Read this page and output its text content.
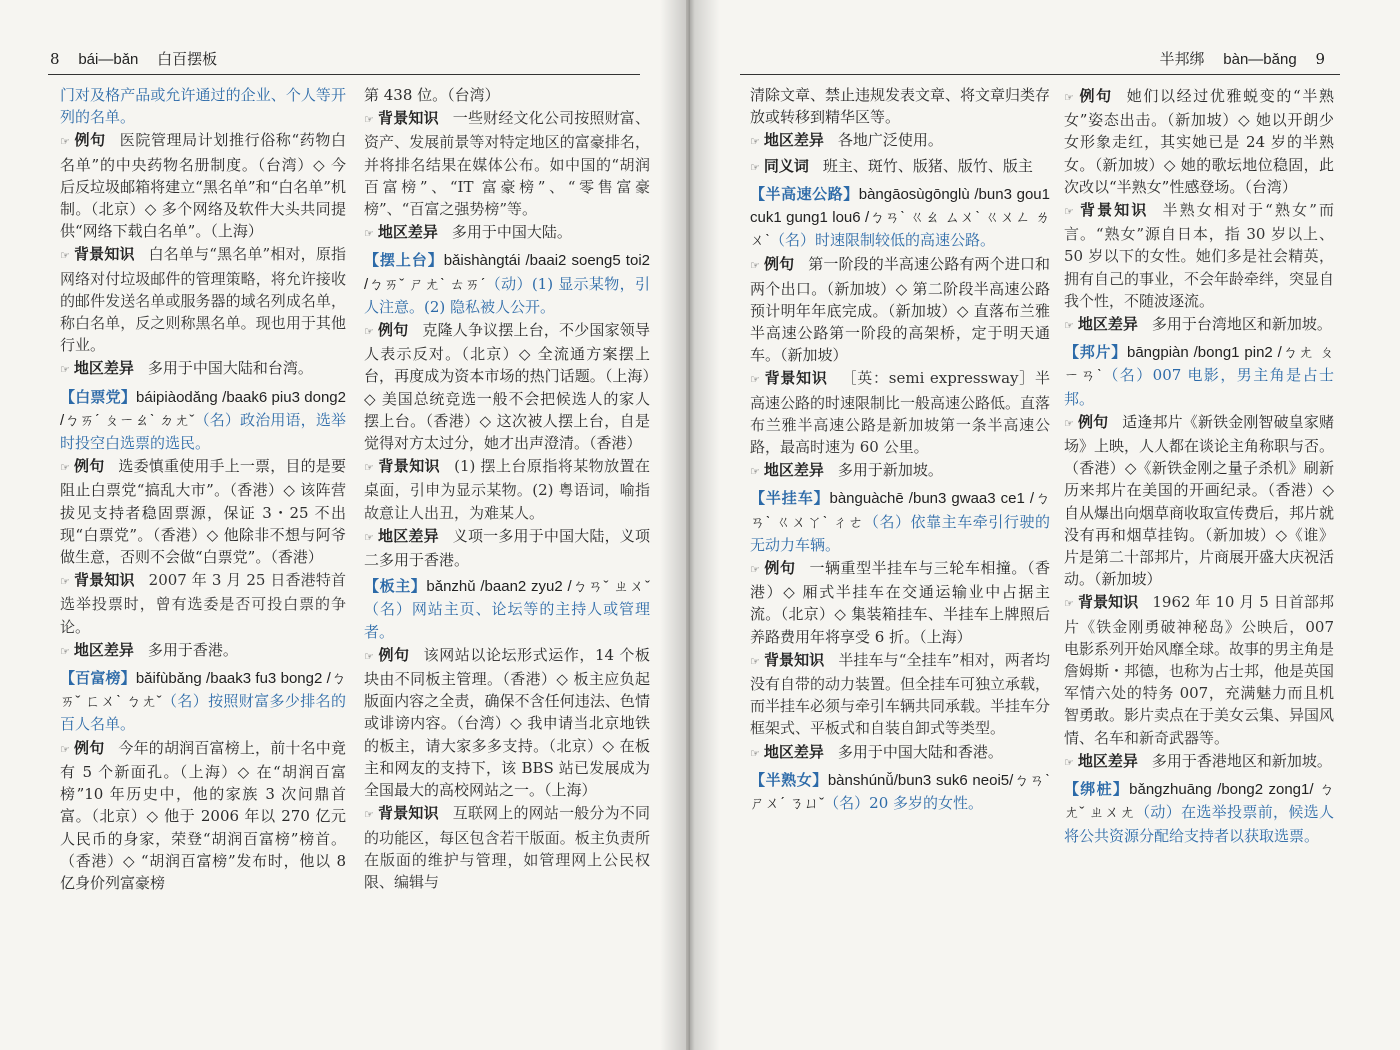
8 bái—bǎn 白百摆板

门对及格产品或允许通过的企业、个人等开列的名单。

☞ 例句 医院管理局计划推行俗称“药物白名单”的中央药物名册制度。（台湾）◇ 今后反垃圾邮箱将建立“黑名单”和“白名单”机制。（北京）◇ 多个网络及软件大头共同提供“网络下载白名单”。（上海）

☞ 背景知识 白名单与“黑名单”相对，原指网络对付垃圾邮件的管理策略，将允许接收的邮件发送名单或服务器的域名列成名单，称白名单，反之则称黑名单。现也用于其他行业。

☞ 地区差异 多用于中国大陆和台湾。

【白票党】báipiàodǎng /baak6 piu3 dong2 /ㄅㄞˊ ㄆㄧㄠˋ ㄉㄤˇ（名）政治用语，选举时投空白选票的选民。

☞ 例句 选委慎重使用手上一票，目的是要阻止白票党“搞乱大市”。（香港）◇ 该阵营拔见支持者稳固票源，保证 3・25 不出现“白票党”。（香港）◇ 他除非不想与阿爷做生意，否则不会做“白票党”。（香港）

☞ 背景知识 2007 年 3 月 25 日香港特首选举投票时，曾有选委是否可投白票的争论。

☞ 地区差异 多用于香港。

【百富榜】bǎifùbǎng /baak3 fu3 bong2 /ㄅㄞˇ ㄈㄨˋ ㄅㄤˇ（名）按照财富多少排名的百人名单。

☞ 例句 今年的胡润百富榜上，前十名中竟有 5 个新面孔。（上海）◇ 在“胡润百富榜”10 年历史中，他的家族 3 次问鼎首富。（北京）◇ 他于 2006 年以 270 亿元人民币的身家，荣登“胡润百富榜”榜首。（香港）◇ “胡润百富榜”发布时，他以 8 亿身价列富豪榜

第 438 位。（台湾）

☞ 背景知识 一些财经文化公司按照财富、资产、发展前景等对特定地区的富豪排名，并将排名结果在媒体公布。如中国的“胡润百富榜”、“IT 富豪榜”、“零售富豪榜”、“百富之强势榜”等。

☞ 地区差异 多用于中国大陆。

【摆上台】bǎishàngtái /baai2 soeng5 toi2 /ㄅㄞˇ ㄕㄤˋ ㄊㄞˊ（动）(1) 显示某物，引人注意。(2) 隐私被人公开。

☞ 例句 克隆人争议摆上台，不少国家领导人表示反对。（北京）◇ 全流通方案摆上台，再度成为资本市场的热门话题。（上海）◇ 美国总统竞选一般不会把候选人的家人摆上台。（香港）◇ 这次被人摆上台，自是觉得对方太过分，她才出声澄清。（香港）

☞ 背景知识 (1) 摆上台原指将某物放置在桌面，引申为显示某物。(2) 粤语词，喻指故意让人出丑，为难某人。

☞ 地区差异 义项一多用于中国大陆，义项二多用于香港。

【板主】bǎnzhǔ /baan2 zyu2 /ㄅㄢˇ ㄓㄨˇ（名）网站主页、论坛等的主持人或管理者。

☞ 例句 该网站以论坛形式运作，14 个板块由不同板主管理。（香港）◇ 板主应负起版面内容之全责，确保不含任何违法、色情或诽谤内容。（台湾）◇ 我申请当北京地铁的板主，请大家多多支持。（北京）◇ 在板主和网友的支持下，该 BBS 站已发展成为全国最大的高校网站之一。（上海）

☞ 背景知识 互联网上的网站一般分为不同的功能区，每区包含若干版面。板主负责所在版面的维护与管理，如管理网上公民权限、编辑与

半邦绑 bàn—bǎng 9

清除文章、禁止违规发表文章、将文章归类存放或转移到精华区等。

☞ 地区差异 各地广泛使用。

☞ 同义词 班主、斑竹、版猪、版竹、版主

【半高速公路】bàngāosùgōnglù /bun3 gou1 cuk1 gung1 lou6 /ㄅㄢˋ ㄍㄠ ㄙㄨˋ ㄍㄨㄥ ㄌㄨˋ（名）时速限制较低的高速公路。

☞ 例句 第一阶段的半高速公路有两个进口和两个出口。（新加坡）◇ 第二阶段半高速公路预计明年年底完成。（新加坡）◇ 直落布兰雅半高速公路第一阶段的高架桥，定于明天通车。（新加坡）

☞ 背景知识 ［英：semi expressway］半高速公路的时速限制比一般高速公路低。直落布兰雅半高速公路是新加坡第一条半高速公路，最高时速为 60 公里。

☞ 地区差异 多用于新加坡。

【半挂车】bànguàchē /bun3 gwaa3 ce1 /ㄅㄢˋ ㄍㄨㄚˋ ㄔㄜ（名）依靠主车牵引行驶的无动力车辆。

☞ 例句 一辆重型半挂车与三轮车相撞。（香港）◇ 厢式半挂车在交通运输业中占据主流。（北京）◇ 集装箱挂车、半挂车上牌照后养路费用年将享受 6 折。（上海）

☞ 背景知识 半挂车与“全挂车”相对，两者均没有自带的动力装置。但全挂车可独立承载，而半挂车必须与牵引车辆共同承载。半挂车分框架式、平板式和自装自卸式等类型。

☞ 地区差异 多用于中国大陆和香港。

【半熟女】bànshúnǚ/bun3 suk6 neoi5/ㄅㄢˋ ㄕㄨˊ ㄋㄩˇ（名）20 多岁的女性。

☞ 例句 她们以经过优雅蜕变的“半熟女”姿态出击。（新加坡）◇ 她以开朗少女形象走红，其实她已是 24 岁的半熟女。（新加坡）◇ 她的歌坛地位稳固，此次改以“半熟女”性感登场。（台湾）

☞ 背景知识 半熟女相对于“熟女”而言。“熟女”源自日本，指 30 岁以上、50 岁以下的女性。她们多是社会精英，拥有自己的事业，不会年龄牵绊，突显自我个性，不随波逐流。

☞ 地区差异 多用于台湾地区和新加坡。

【邦片】bāngpiàn /bong1 pin2 /ㄅㄤ ㄆㄧㄢˋ（名）007 电影，男主角是占士邦。

☞ 例句 适逢邦片《新铁金刚智破皇家赌场》上映，人人都在谈论主角称职与否。（香港）◇《新铁金刚之量子杀机》刷新历来邦片在美国的开画纪录。（香港）◇ 自从爆出向烟草商收取宣传费后，邦片就没有再和烟草挂钩。（新加坡）◇《谁》片是第二十部邦片，片商展开盛大庆祝活动。（新加坡）

☞ 背景知识 1962 年 10 月 5 日首部邦片《铁金刚勇破神秘岛》公映后，007 电影系列开始风靡全球。故事的男主角是詹姆斯・邦德，也称为占士邦，他是英国军情六处的特务 007，充满魅力而且机智勇敢。影片卖点在于美女云集、异国风情、名车和新奇武器等。

☞ 地区差异 多用于香港地区和新加坡。

【绑桩】bǎngzhuāng /bong2 zong1/ ㄅㄤˇ ㄓㄨㄤ（动）在选举投票前，候选人将公共资源分配给支持者以获取选票。
